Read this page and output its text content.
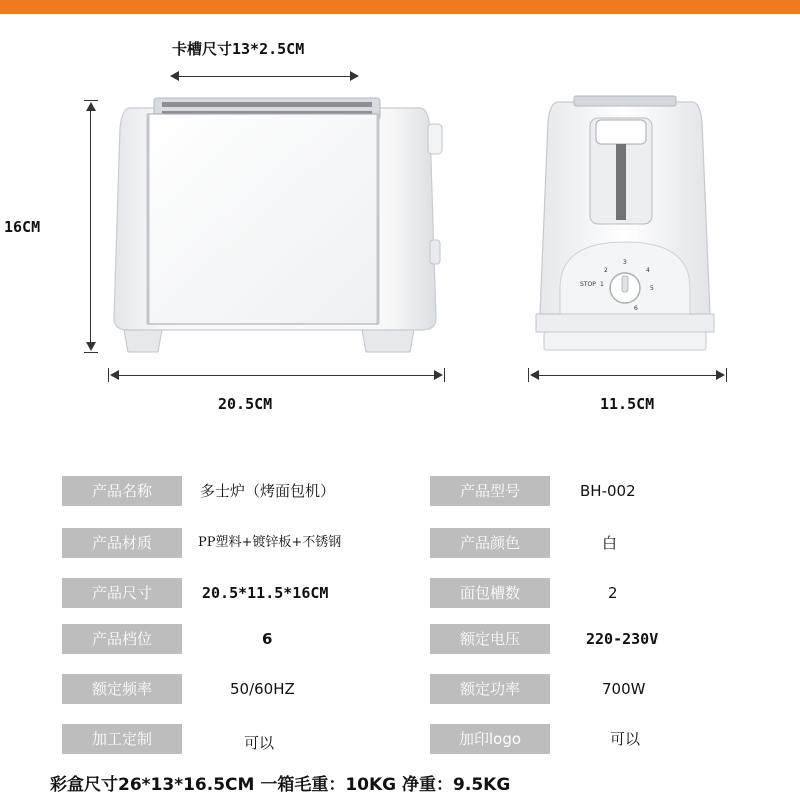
卡槽尺寸13*2.5CM
16CM
20.5CM
STOP 1
2
3
4
5
6
11.5CM
产品名称	多士炉（烤面包机）	产品型号	BH-002
产品材质	PP塑料+镀锌板+不锈钢	产品颜色	白
产品尺寸	20.5*11.5*16CM	面包槽数	2
产品档位	6	额定电压	220-230V
额定频率	50/60HZ	额定功率	700W
加工定制	可以	加印logo	可以
彩盒尺寸26*13*16.5CM 一箱毛重：10KG 净重：9.5KG
